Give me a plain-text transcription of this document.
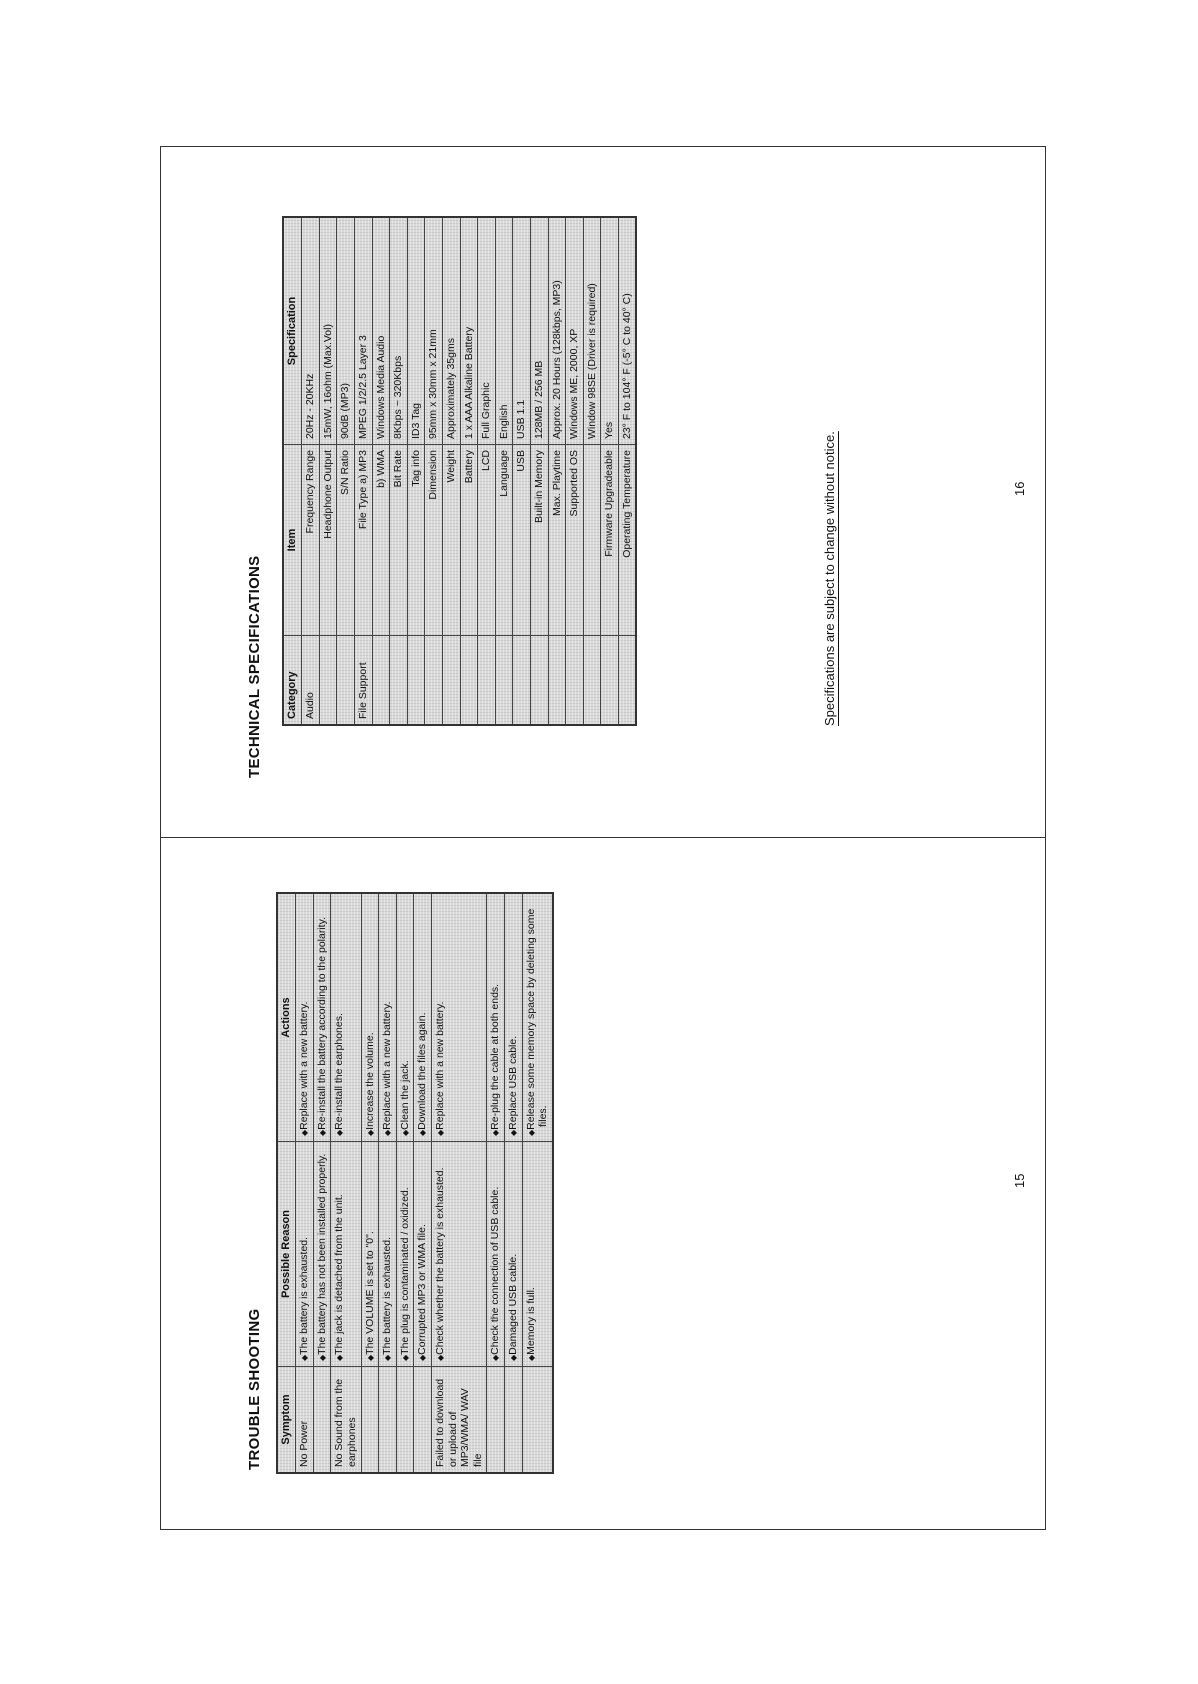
TROUBLE SHOOTING Symptom	Possible Reason	Actions
No Power	◆ The battery is exhausted.	◆ Replace with a new battery.
	◆ The battery has not been installed properly.	◆ Re-install the battery according to the polarity.
No Sound from the earphones	◆ The jack is detached from the unit.	◆ Re-install the earphones.
	◆ The VOLUME is set to "0".	◆ Increase the volume.
	◆ The battery is exhausted.	◆ Replace with a new battery.
	◆ The plug is contaminated / oxidized.	◆ Clean the jack.
	◆ Corrupted MP3 or WMA file.	◆ Download the files again.
Failed to download or upload of MP3/WMA/ WAV file	◆ Check whether the battery is exhausted.	◆ Replace with a new battery.
	◆ Check the connection of USB cable.	◆ Re-plug the cable at both ends.
	◆ Damaged USB cable.	◆ Replace USB cable.
	◆ Memory is full.	◆ Release some memory space by deleting some files.
15
TECHNICAL SPECIFICATIONS Category	Item	Specification
Audio	Frequency Range	20Hz - 20KHz
	Headphone Output	15mW, 16ohm (Max.Vol)
	S/N Ratio	90dB (MP3)
File Support	File Type a) MP3	MPEG 1/2/2.5 Layer 3
	b) WMA	Windows Media Audio
	Bit Rate	8Kbps ~ 320Kbps
	Tag info	ID3 Tag
	Dimension	95mm x 30mm x 21mm
	Weight	Approximately 35gms
	Battery	1 x AAA Alkaline Battery
	LCD	Full Graphic
	Language	English
	USB	USB 1.1
	Built-in Memory	128MB / 256 MB
	Max. Playtime	Approx. 20 Hours (128kbps, MP3)
	Supported OS	Windows ME, 2000, XP
		Window 98SE (Driver is required)
	Firmware Upgradeable	Yes
	Operating Temperature	23° F to 104° F (-5° C to 40° C)
Specifications are subject to change without notice.	16
